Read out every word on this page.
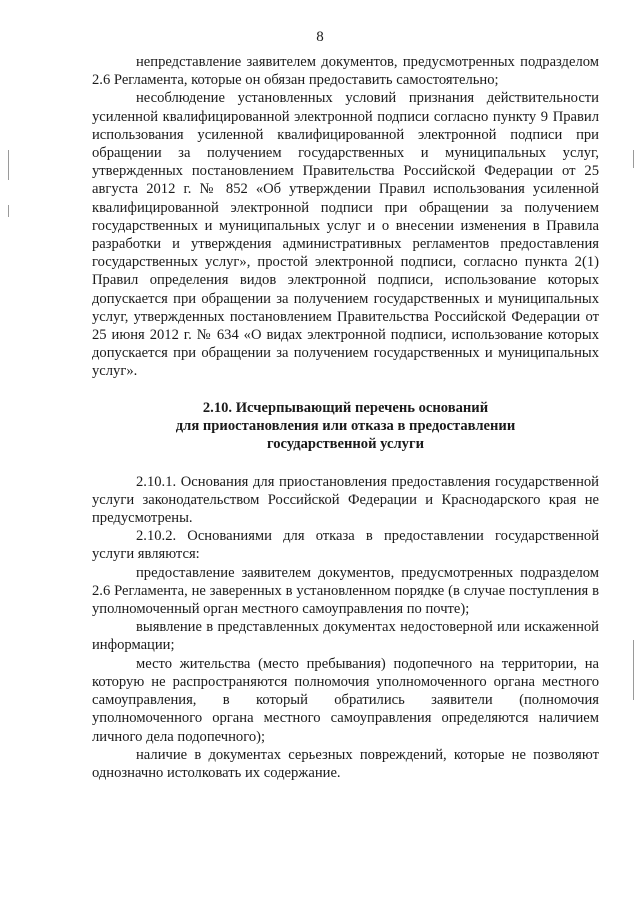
8

непредставление заявителем документов, предусмотренных подразделом 2.6 Регламента, которые он обязан предоставить самостоятельно;

несоблюдение установленных условий признания действительности усиленной квалифицированной электронной подписи согласно пункту 9 Правил использования усиленной квалифицированной электронной подписи при обращении за получением государственных и муниципальных услуг, утвержденных постановлением Правительства Российской Федерации от 25 августа 2012 г. № 852 «Об утверждении Правил использования усиленной квалифицированной электронной подписи при обращении за получением государственных и муниципальных услуг и о внесении изменения в Правила разработки и утверждения административных регламентов предоставления государственных услуг», простой электронной подписи, согласно пункта 2(1) Правил определения видов электронной подписи, использование которых допускается при обращении за получением государственных и муниципальных услуг, утвержденных постановлением Правительства Российской Федерации от 25 июня 2012 г. № 634 «О видах электронной подписи, использование которых допускается при обращении за получением государственных и муниципальных услуг».

2.10. Исчерпывающий перечень оснований
для приостановления или отказа в предоставлении
государственной услуги

2.10.1. Основания для приостановления предоставления государственной услуги законодательством Российской Федерации и Краснодарского края не предусмотрены.

2.10.2. Основаниями для отказа в предоставлении государственной услуги являются:

предоставление заявителем документов, предусмотренных подразделом 2.6 Регламента, не заверенных в установленном порядке (в случае поступления в уполномоченный орган местного самоуправления по почте);

выявление в представленных документах недостоверной или искаженной информации;

место жительства (место пребывания) подопечного на территории, на которую не распространяются полномочия уполномоченного органа местного самоуправления, в который обратились заявители (полномочия уполномоченного органа местного самоуправления определяются наличием личного дела подопечного);

наличие в документах серьезных повреждений, которые не позволяют однозначно истолковать их содержание.
